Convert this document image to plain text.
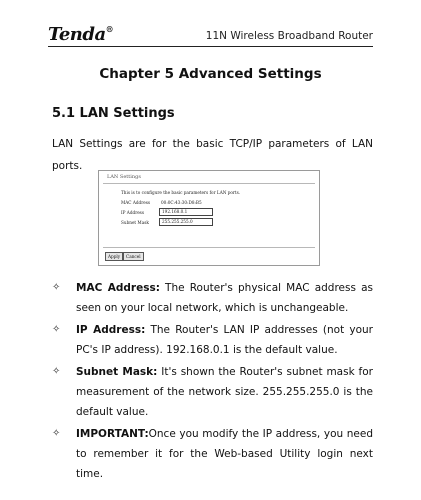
Tenda®
11N Wireless Broadband Router
Chapter 5 Advanced Settings
5.1 LAN Settings
LAN Settings are for the basic TCP/IP parameters of LAN ports.
LAN Settings
This is to configure the basic parameters for LAN ports.
MAC Address	00:0C:43:30:D8:B5
IP Address	192.168.0.1
Subnet Mask	255.255.255.0
Apply	Cancel
✧ MAC Address: The Router's physical MAC address as seen on your local network, which is unchangeable.
✧ IP Address: The Router's LAN IP addresses (not your PC's IP address). 192.168.0.1 is the default value.
✧ Subnet Mask: It's shown the Router's subnet mask for measurement of the network size. 255.255.255.0 is the default value.
✧ IMPORTANT:Once you modify the IP address, you need to remember it for the Web-based Utility login next time.
